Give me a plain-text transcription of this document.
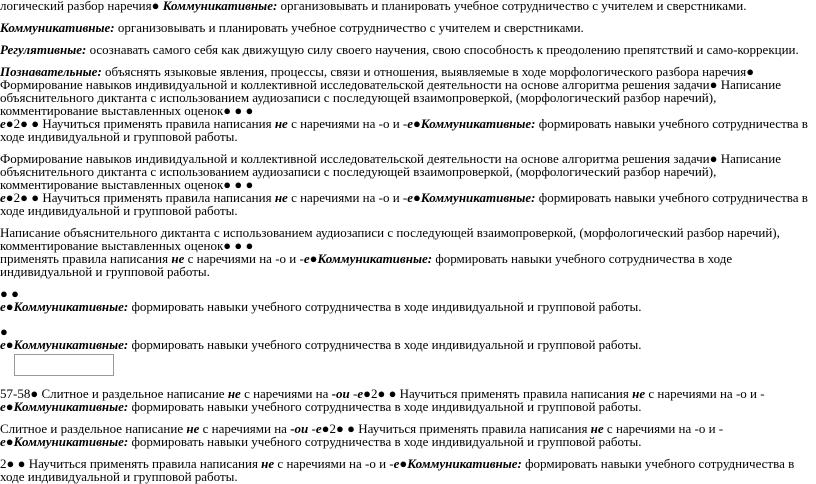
логический разбор наречия● Коммуникативные: организовывать и планировать учебное сотрудничество с учителем и сверстниками.

Коммуникативные: организовывать и планировать учебное сотрудничество с учителем и сверстниками.

Регулятивные: осознавать самого себя как движущую силу своего научения, свою способность к преодолению препятствий и само-коррекции.

Познавательные: объяснять языковые явления, процессы, связи и отношения, выявляемые в ходе морфологического разбора наречия● Формирование навыков индивидуальной и коллективной исследовательской деятельности на основе алгоритма решения задачи● Написание объяснительного диктанта с использованием аудиозаписи с последующей взаимопроверкой, (морфологический разбор наречий), комментирование выставленных оценок● ● ●
е●2● ● Научиться применять правила написания не с наречиями на -о и -е●Коммуникативные: формировать навыки учебного сотрудничества в ходе индивидуальной и групповой работы.

Формирование навыков индивидуальной и коллективной исследовательской деятельности на основе алгоритма решения задачи● Написание объяснительного диктанта с использованием аудиозаписи с последующей взаимопроверкой, (морфологический разбор наречий), комментирование выставленных оценок● ● ●
е●2● ● Научиться применять правила написания не с наречиями на -о и -е●Коммуникативные: формировать навыки учебного сотрудничества в ходе индивидуальной и групповой работы.

Написание объяснительного диктанта с использованием аудиозаписи с последующей взаимопроверкой, (морфологический разбор наречий), комментирование выставленных оценок● ● ●
применять правила написания не с наречиями на -о и -е●Коммуникативные: формировать навыки учебного сотрудничества в ходе индивидуальной и групповой работы.

● ●
е●Коммуникативные: формировать навыки учебного сотрудничества в ходе индивидуальной и групповой работы.

●
е●Коммуникативные: формировать навыки учебного сотрудничества в ходе индивидуальной и групповой работы.

57-58● Слитное и раздельное написание не с наречиями на -ои -е●2● ● Научиться применять правила написания не с наречиями на -о и -
е●Коммуникативные: формировать навыки учебного сотрудничества в ходе индивидуальной и групповой работы.

Слитное и раздельное написание не с наречиями на -ои -е●2● ● Научиться применять правила написания не с наречиями на -о и -
е●Коммуникативные: формировать навыки учебного сотрудничества в ходе индивидуальной и групповой работы.

2● ● Научиться применять правила написания не с наречиями на -о и -е●Коммуникативные: формировать навыки учебного сотрудничества в ходе индивидуальной и групповой работы.
